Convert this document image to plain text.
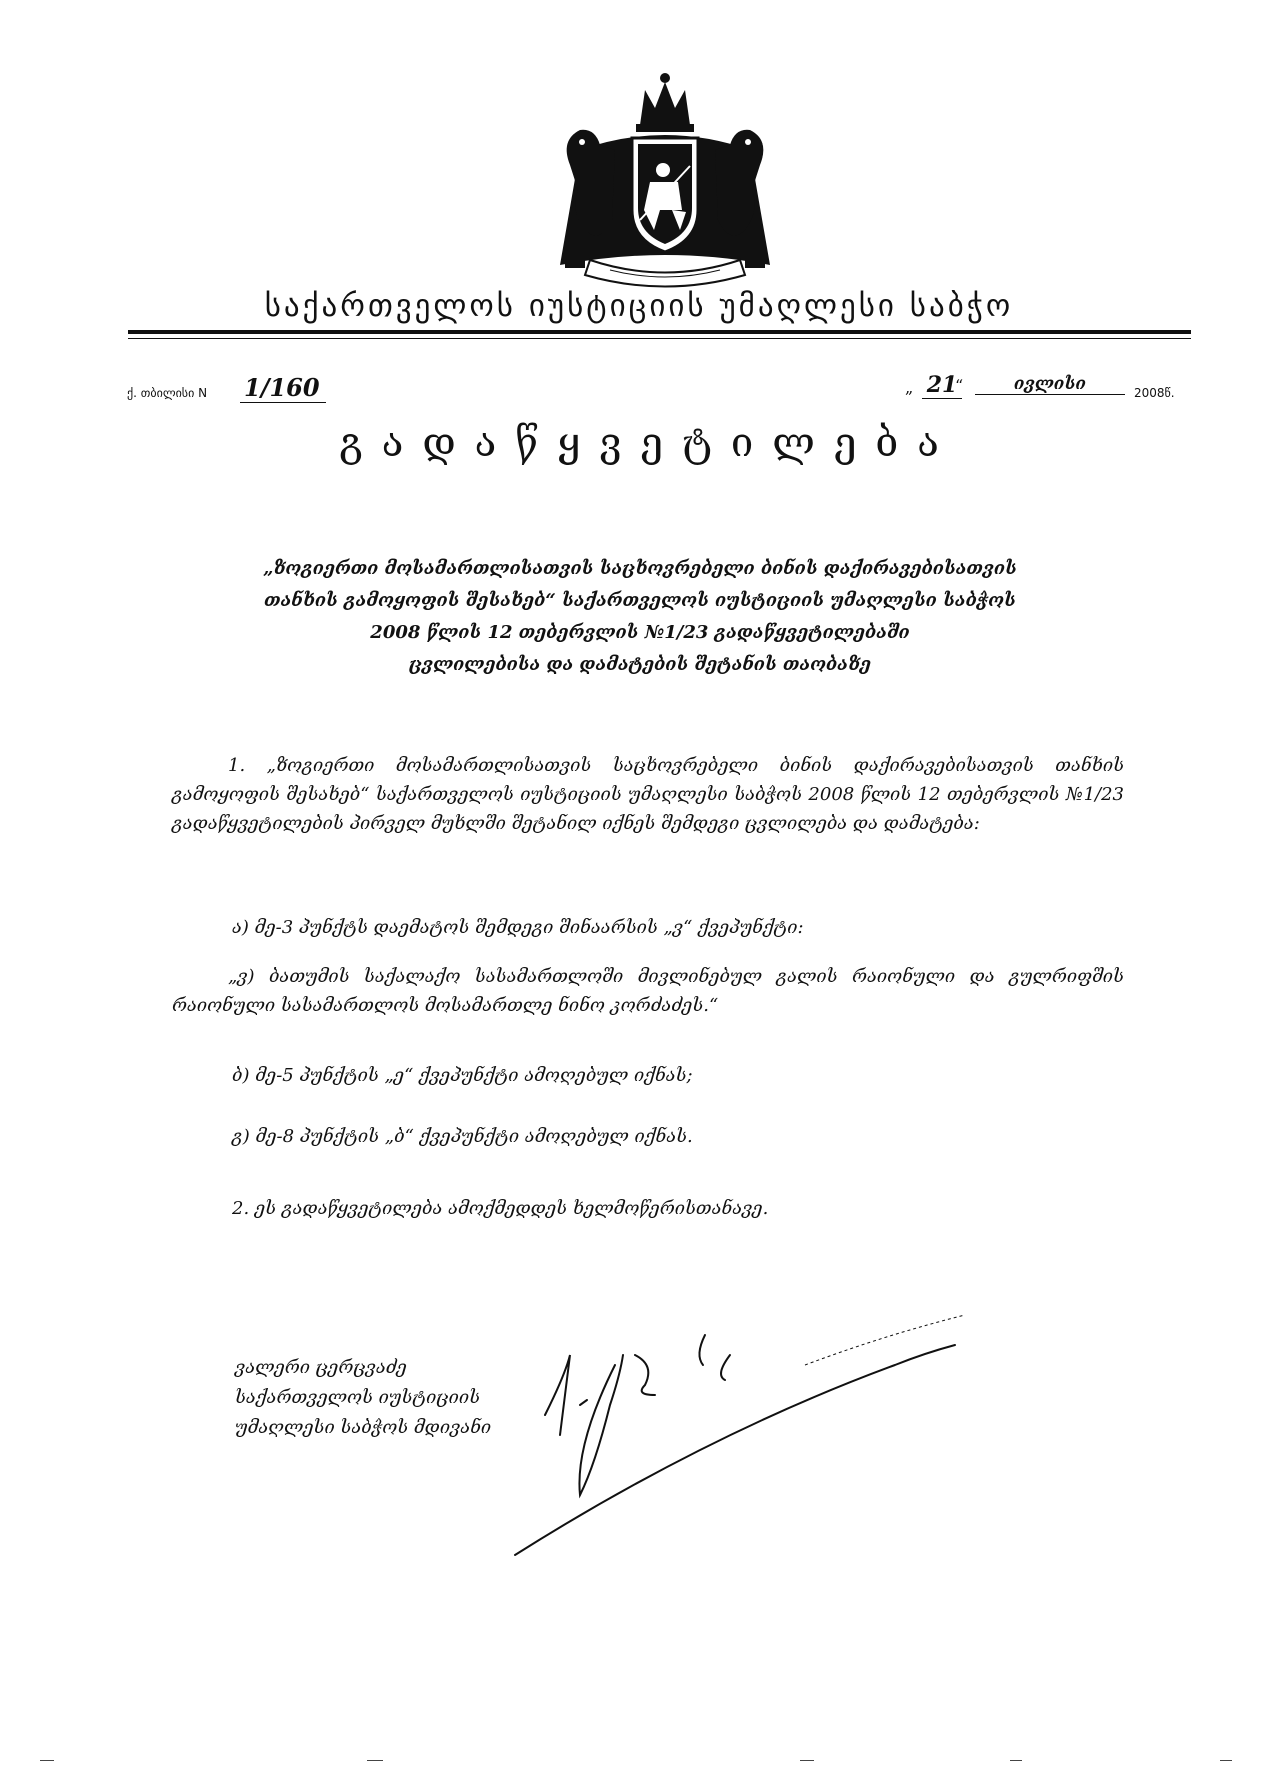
საქართველოს იუსტიციის უმაღლესი საბჭო
ქ. თბილისი N 1/160	„ 21
“	ივლისი	2008წ.
გადაწყვეტილება
„ზოგიერთი მოსამართლისათვის საცხოვრებელი ბინის დაქირავებისათვის
თანხის გამოყოფის შესახებ“ საქართველოს იუსტიციის უმაღლესი საბჭოს
2008 წლის 12 თებერვლის №1/23 გადაწყვეტილებაში
ცვლილებისა და დამატების შეტანის თაობაზე
1. „ზოგიერთი მოსამართლისათვის საცხოვრებელი ბინის დაქირავებისათვის თანხის გამოყოფის შესახებ“ საქართველოს იუსტიციის უმაღლესი საბჭოს 2008 წლის 12 თებერვლის №1/23 გადაწყვეტილების პირველ მუხლში შეტანილ იქნეს შემდეგი ცვლილება და დამატება:
ა) მე-3 პუნქტს დაემატოს შემდეგი შინაარსის „ვ“ ქვეპუნქტი:
„ვ) ბათუმის საქალაქო სასამართლოში მივლინებულ გალის რაიონული და გულრიფშის რაიონული სასამართლოს მოსამართლე ნინო კორძაძეს.“
ბ) მე-5 პუნქტის „ე“ ქვეპუნქტი ამოღებულ იქნას;
გ) მე-8 პუნქტის „ბ“ ქვეპუნქტი ამოღებულ იქნას.
2. ეს გადაწყვეტილება ამოქმედდეს ხელმოწერისთანავე.
ვალერი ცერცვაძე
საქართველოს იუსტიციის
უმაღლესი საბჭოს მდივანი
